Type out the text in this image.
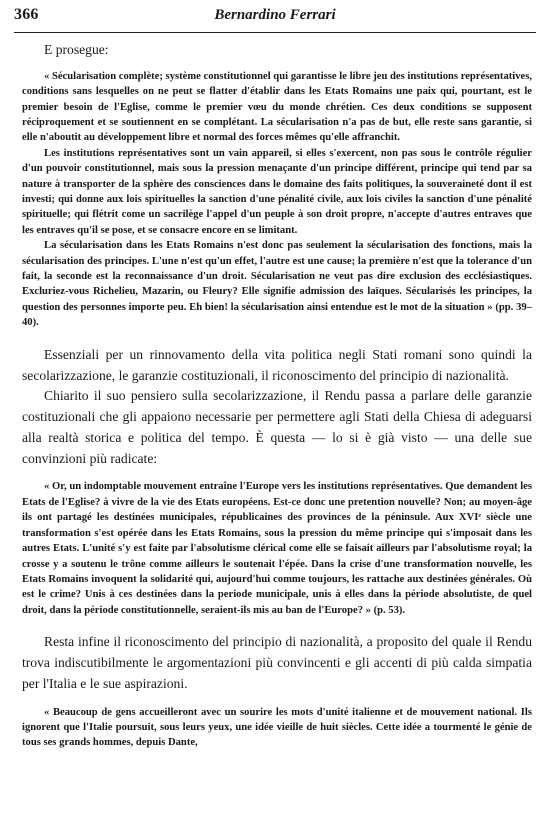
366	Bernardino Ferrari

E prosegue:

« Sécularisation complète; système constitutionnel qui garantisse le libre jeu des institutions représentatives, conditions sans lesquelles on ne peut se flatter d'établir dans les Etats Romains une paix qui, pourtant, est le premier besoin de l'Eglise, comme le premier vœu du monde chrétien. Ces deux conditions se supposent réciproquement et se soutiennent en se complétant. La sécularisation n'a pas de but, elle reste sans garantie, si elle n'aboutit au développement libre et normal des forces mêmes qu'elle affranchit.

Les institutions représentatives sont un vain appareil, si elles s'exercent, non pas sous le contrôle régulier d'un pouvoir constitutionnel, mais sous la pression menaçante d'un principe différent, principe qui tend par sa nature à transporter de la sphère des consciences dans le domaine des faits politiques, la souveraineté dont il est investi; qui donne aux lois spirituelles la sanction d'une pénalité civile, aux lois civiles la sanction d'une pénalité spirituelle; qui flétrit come un sacrilège l'appel d'un peuple à son droit propre, n'accepte d'autres entraves que les entraves qu'il se pose, et se consacre encore en se limitant.

La sécularisation dans les Etats Romains n'est donc pas seulement la sécularisation des fonctions, mais la sécularisation des principes. L'une n'est qu'un effet, l'autre est une cause; la première n'est que la tolerance d'un fait, la seconde est la reconnaissance d'un droit. Sécularisation ne veut pas dire exclusion des ecclésiastiques. Excluriez-vous Richelieu, Mazarin, ou Fleury? Elle signifie admission des laïques. Sécularisés les principes, la question des personnes importe peu. Eh bien! la sécularisation ainsi entendue est le mot de la situation » (pp. 39–40).

Essenziali per un rinnovamento della vita politica negli Stati romani sono quindi la secolarizzazione, le garanzie costituzionali, il riconoscimento del principio di nazionalità.

Chiarito il suo pensiero sulla secolarizzazione, il Rendu passa a parlare delle garanzie costituzionali che gli appaiono necessarie per permettere agli Stati della Chiesa di adeguarsi alla realtà storica e politica del tempo. È questa — lo si è già visto — una delle sue convinzioni più radicate:

« Or, un indomptable mouvement entraîne l'Europe vers les institutions représentatives. Que demandent les Etats de l'Eglise? à vivre de la vie des Etats européens. Est-ce donc une pretention nouvelle? Non; au moyen-âge ils ont partagé les destinées municipales, républicaines des provinces de la péninsule. Aux XVIᵉ siècle une transformation s'est opérée dans les Etats Romains, sous la pression du même principe qui s'imposait dans les autres Etats. L'unité s'y est faite par l'absolutisme clérical come elle se faisait ailleurs par l'absolutisme royal; la crosse y a soutenu le trône comme ailleurs le soutenait l'épée. Dans la crise d'une transformation nouvelle, les Etats Romains invoquent la solidarité qui, aujourd'hui comme toujours, les rattache aux destinées générales. Où est le crime? Unis à ces destinées dans la periode municipale, unis à elles dans la période absolutiste, de quel droit, dans la période constitutionnelle, seraient-ils mis au ban de l'Europe? » (p. 53).

Resta infine il riconoscimento del principio di nazionalità, a proposito del quale il Rendu trova indiscutibilmente le argomentazioni più convincenti e gli accenti di più calda simpatia per l'Italia e le sue aspirazioni.

« Beaucoup de gens accueilleront avec un sourire les mots d'unité italienne et de mouvement national. Ils ignorent que l'Italie poursuit, sous leurs yeux, une idée vieille de huit siècles. Cette idée a tourmenté le génie de tous ses grands hommes, depuis Dante,
